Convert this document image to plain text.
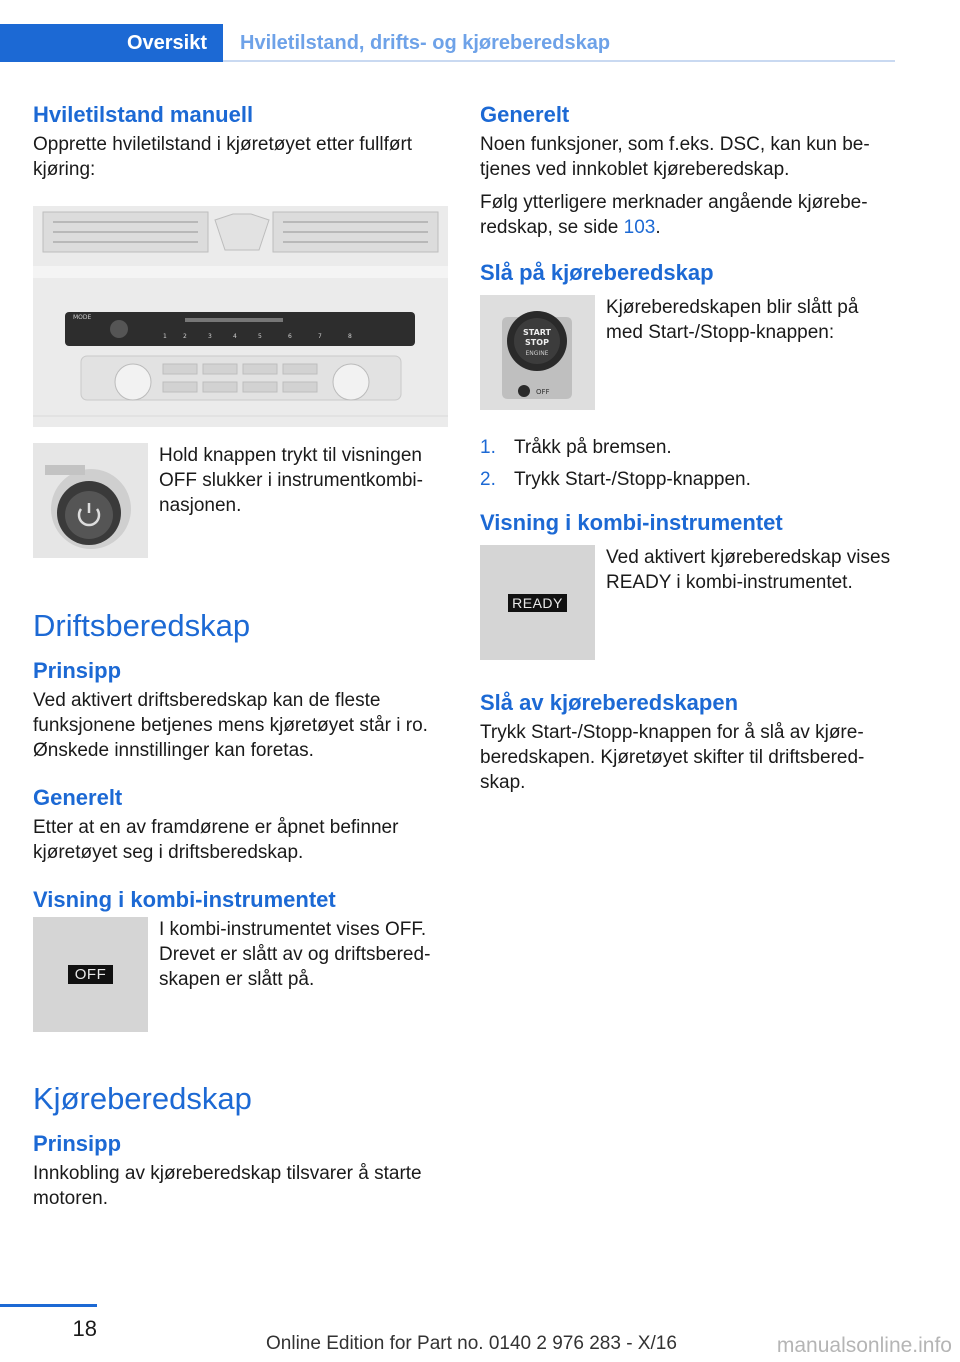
Oversikt	Hviletilstand, drifts- og kjøreberedskap
Hviletilstand manuell

Opprette hviletilstand i kjøretøyet etter fullført kjøring:

MODE
1	2	3	4	5	6	7	8

Hold knappen trykt til visningen OFF slukker i instrumentkombinasjonen.

Driftsberedskap
Prinsipp

Ved aktivert driftsberedskap kan de fleste funksjonene betjenes mens kjøretøyet står i ro. Ønskede innstillinger kan foretas.

Generelt

Etter at en av framdørene er åpnet befinner kjøretøyet seg i driftsberedskap.

Visning i kombi-instrumentet
OFF

I kombi-instrumentet vises OFF. Drevet er slått av og driftsberedskapen er slått på.

Kjøreberedskap
Prinsipp

Innkobling av kjøreberedskap tilsvarer å starte motoren.

Generelt

Noen funksjoner, som f.eks. DSC, kan kun betjenes ved innkoblet kjøreberedskap.

Følg ytterligere merknader angående kjøreberedskap, se side 103.

Slå på kjøreberedskap
START
STOP
ENGINE
OFF

Kjøreberedskapen blir slått på med Start-/Stopp-knappen:

1. Tråkk på bremsen.
2. Trykk Start-/Stopp-knappen.
Visning i kombi-instrumentet
READY

Ved aktivert kjøreberedskap vises READY i kombi-instrumentet.

Slå av kjøreberedskapen

Trykk Start-/Stopp-knappen for å slå av kjøreberedskapen. Kjøretøyet skifter til driftsberedskap.

18
Online Edition for Part no. 0140 2 976 283 - X/16	manualsonline.info
